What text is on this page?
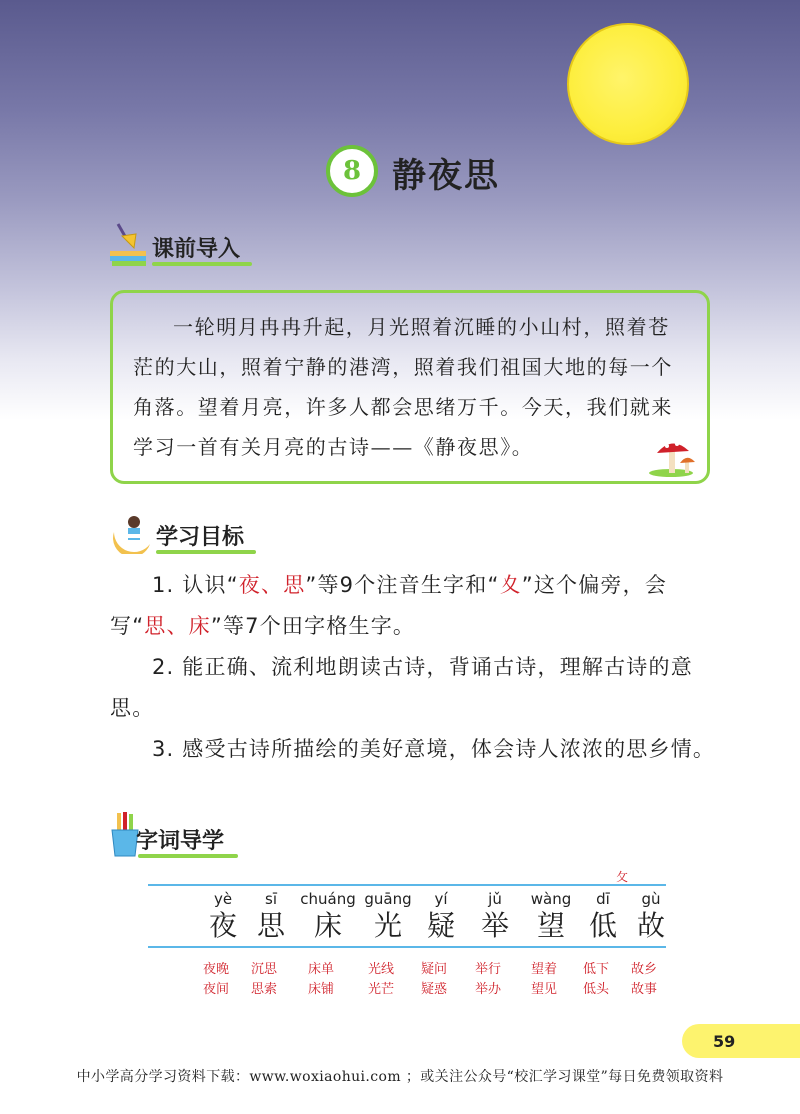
8 静夜思
课前导入

一轮明月冉冉升起，月光照着沉睡的小山村，照着苍茫的大山，照着宁静的港湾，照着我们祖国大地的每一个角落。望着月亮，许多人都会思绪万千。今天，我们就来学习一首有关月亮的古诗——《静夜思》。

学习目标

1. 认识“夜、思”等9个注音生字和“夊”这个偏旁，会写“思、床”等7个田字格生字。

2. 能正确、流利地朗读古诗，背诵古诗，理解古诗的意思。

3. 感受古诗所描绘的美好意境，体会诗人浓浓的思乡情。

字词导学
yè
夜
sī
思
chuáng
床
guāng
光
yí
疑
jǔ
举
wàng
望
dī
低
gù
故
攵
夜晚
夜间
沉思
思索
床单
床铺
光线
光芒
疑问
疑惑
举行
举办
望着
望见
低下
低头
故乡
故事
59
中小学高分学习资料下载：www.woxiaohui.com ；或关注公众号“校汇学习课堂”每日免费领取资料
